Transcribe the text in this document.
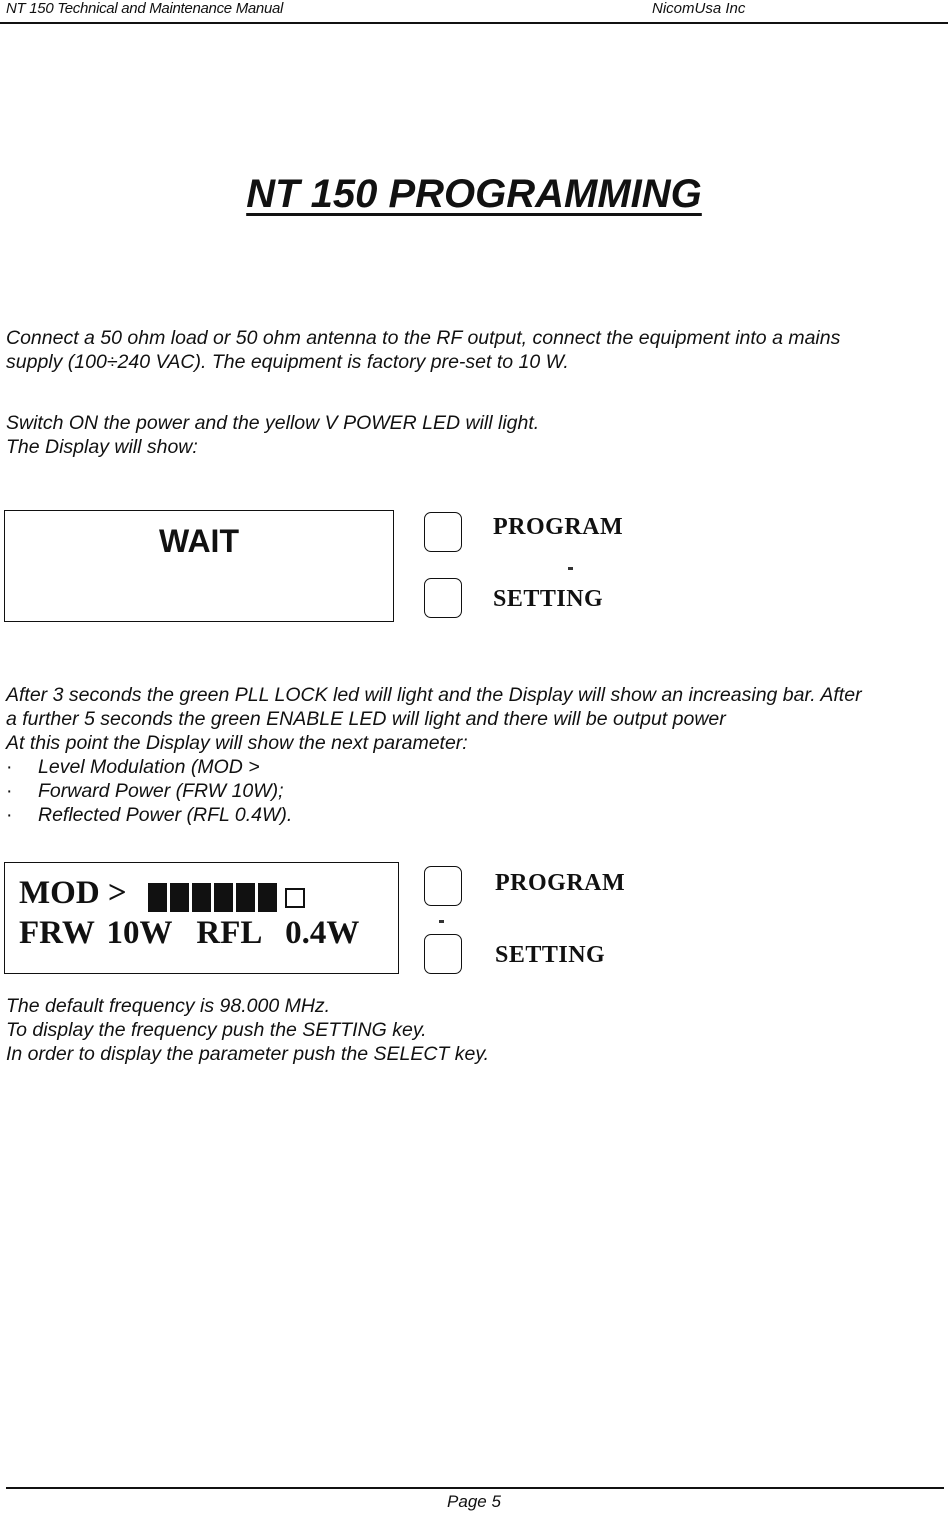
NT 150 Technical and Maintenance Manual	NicomUsa Inc
NT 150 PROGRAMMING

Connect a 50 ohm load or 50 ohm antenna to the RF output, connect the equipment into a mains

supply (100÷240 VAC). The equipment is factory pre-set to 10 W.

Switch ON the power and the yellow V POWER LED will light.

The Display will show:

WAIT	PROGRAM
SETTING

After 3 seconds the green PLL LOCK led will light and the Display will show an increasing bar. After

a further 5 seconds the green ENABLE LED will light and there will be output power

At this point the Display will show the next parameter:

· Level Modulation (MOD >
· Forward Power (FRW 10W);
· Reflected Power (RFL 0.4W).
MOD >
FRW 10W  RFL  0.4W
PROGRAM
SETTING

The default frequency is 98.000 MHz.

To display the frequency push the SETTING key.

In order to display the parameter push the SELECT key.

Page 5
